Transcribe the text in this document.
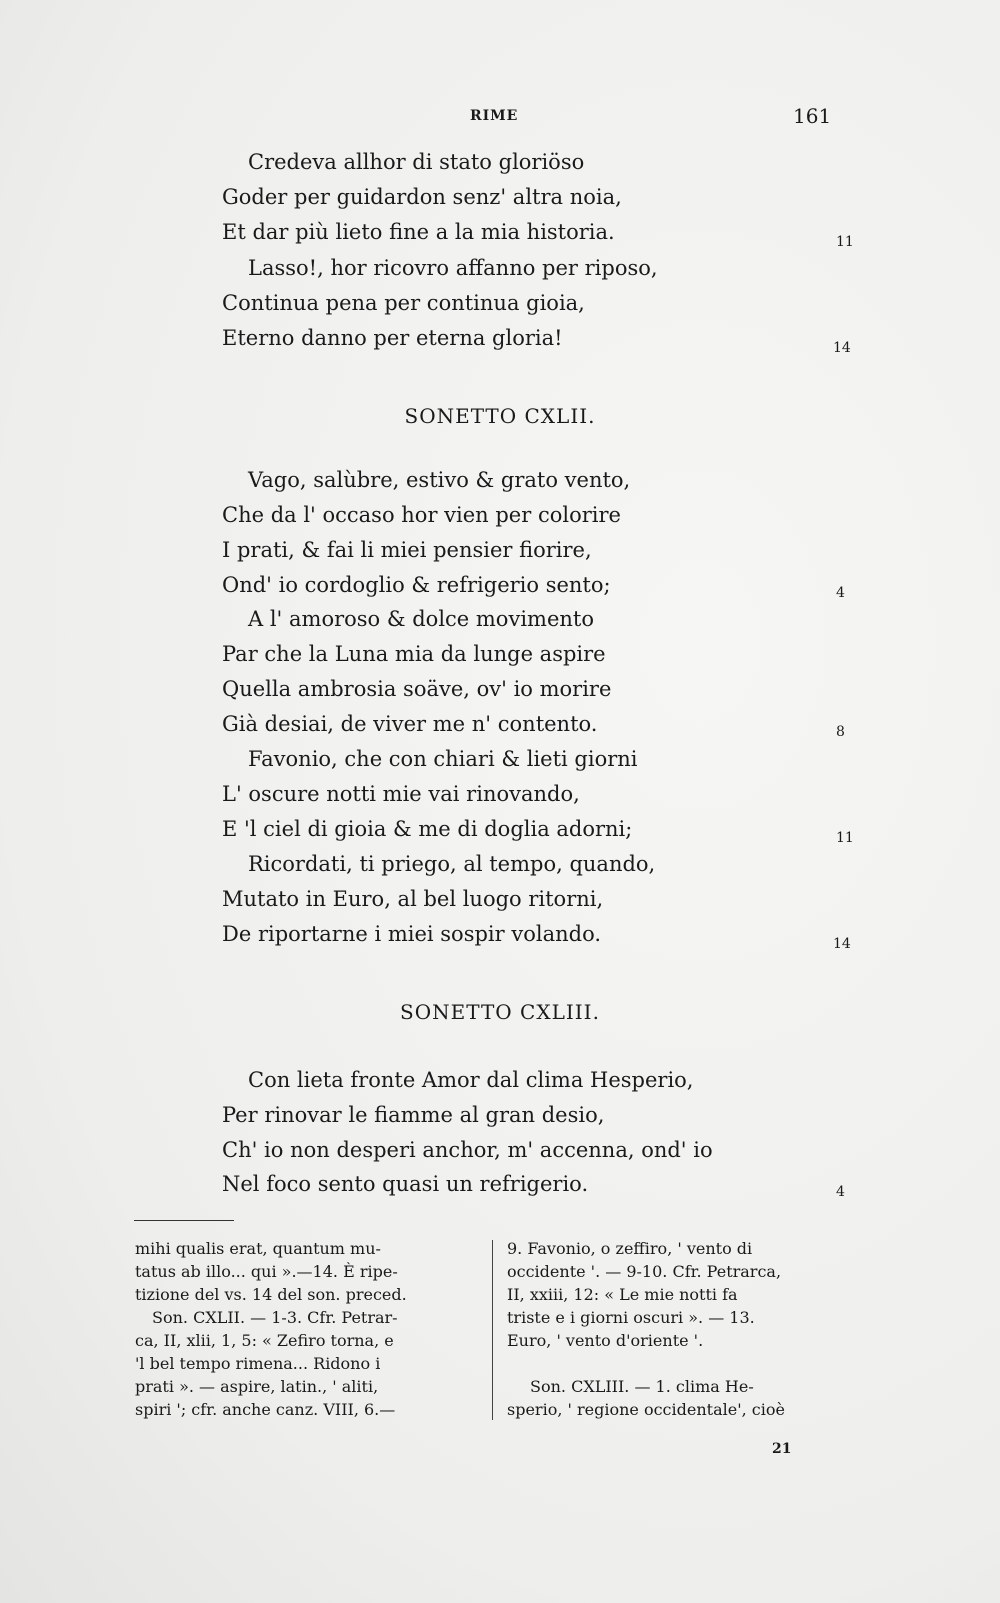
RIME	161
Credeva allhor di stato gloriöso
Goder per guidardon senz' altra noia,
Et dar più lieto fine a la mia historia.
Lasso!, hor ricovro affanno per riposo,
Continua pena per continua gioia,
Eterno danno per eterna gloria!
11
14
SONETTO CXLII.
Vago, salùbre, estivo & grato vento,
Che da l' occaso hor vien per colorire
I prati, & fai li miei pensier fiorire,
Ond' io cordoglio & refrigerio sento;
A l' amoroso & dolce movimento
Par che la Luna mia da lunge aspire
Quella ambrosia soäve, ov' io morire
Già desiai, de viver me n' contento.
Favonio, che con chiari & lieti giorni
L' oscure notti mie vai rinovando,
E 'l ciel di gioia & me di doglia adorni;
Ricordati, ti priego, al tempo, quando,
Mutato in Euro, al bel luogo ritorni,
De riportarne i miei sospir volando.
4
8
11
14
SONETTO CXLIII.
Con lieta fronte Amor dal clima Hesperio,
Per rinovar le fiamme al gran desio,
Ch' io non desperi anchor, m' accenna, ond' io
Nel foco sento quasi un refrigerio.	4
mihi qualis erat, quantum mu-
tatus ab illo... qui ».—14. È ripe-
tizione del vs. 14 del son. preced.
Son. CXLII. — 1-3. Cfr. Petrar-
ca, II, xlii, 1, 5: « Zefiro torna, e
'l bel tempo rimena... Ridono i
prati ». — aspire, latin., ' aliti,
spiri '; cfr. anche canz. VIII, 6.—
9. Favonio, o zeffiro, ' vento di
occidente '. — 9-10. Cfr. Petrarca,
II, xxiii, 12: « Le mie notti fa
triste e i giorni oscuri ». — 13.
Euro, ' vento d'oriente '.
Son. CXLIII. — 1. clima He-
sperio, ' regione occidentale', cioè
21
